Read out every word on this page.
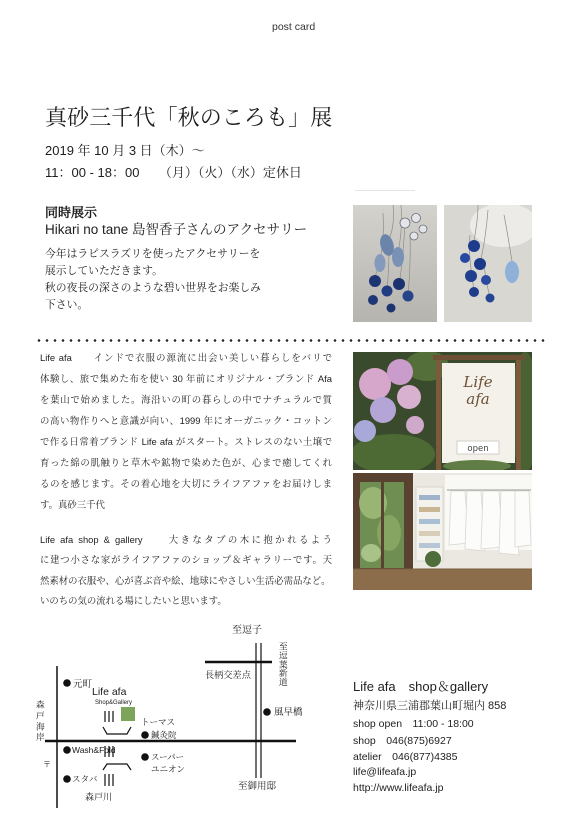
post card
真砂三千代「秋のころも」展
2019 年 10 月 3 日（木）～
11：00 - 18：00　　（月）（火）（水）定休日
同時展示
Hikari no tane 島智香子さんのアクセサリー
今年はラピスラズリを使ったアクセサリーを
展示していただきます。
秋の夜長の深さのような碧い世界をお楽しみ
下さい。
Life afa　　インドで衣服の源流に出会い美しい暮らしをバリで
体験し、旅で集めた布を使い 30 年前にオリジナル・ブランド Afa
を葉山で始めました。海沿いの町の暮らしの中でナチュラルで質
の高い物作りへと意識が向い、1999 年にオーガニック・コットン
で作る日常着ブランド Life afa がスタート。ストレスのない土壌で
育った綿の肌触りと草木や鉱物で染めた色が、心まで癒してくれ
るのを感じます。その着心地を大切にライフアファをお届けしま
す。真砂三千代
Life afa shop & gallery　　大きなタブの木に抱かれるよう
に建つ小さな家がライフアファのショップ＆ギャラリーです。天
然素材の衣服や、心が喜ぶ音や絵、地球にやさしい生活必需品など。
いのちの気の流れる場にしたいと思います。
Life
afa
open
至逗子
至逗葉新道
長柄交差点
元町
Life afa
Shop&Gallery
トーマス
鍼灸院
風早橋
森戸海岸
Wash&Fold
スーパー
ユニオン
〒
スタバ
森戸川
至御用邸
Life afa　shop＆gallery
神奈川県三浦郡葉山町堀内 858
shop open　11:00 - 18:00
shop　046(875)6927
atelier　046(877)4385
life@lifeafa.jp
http://www.lifeafa.jp
